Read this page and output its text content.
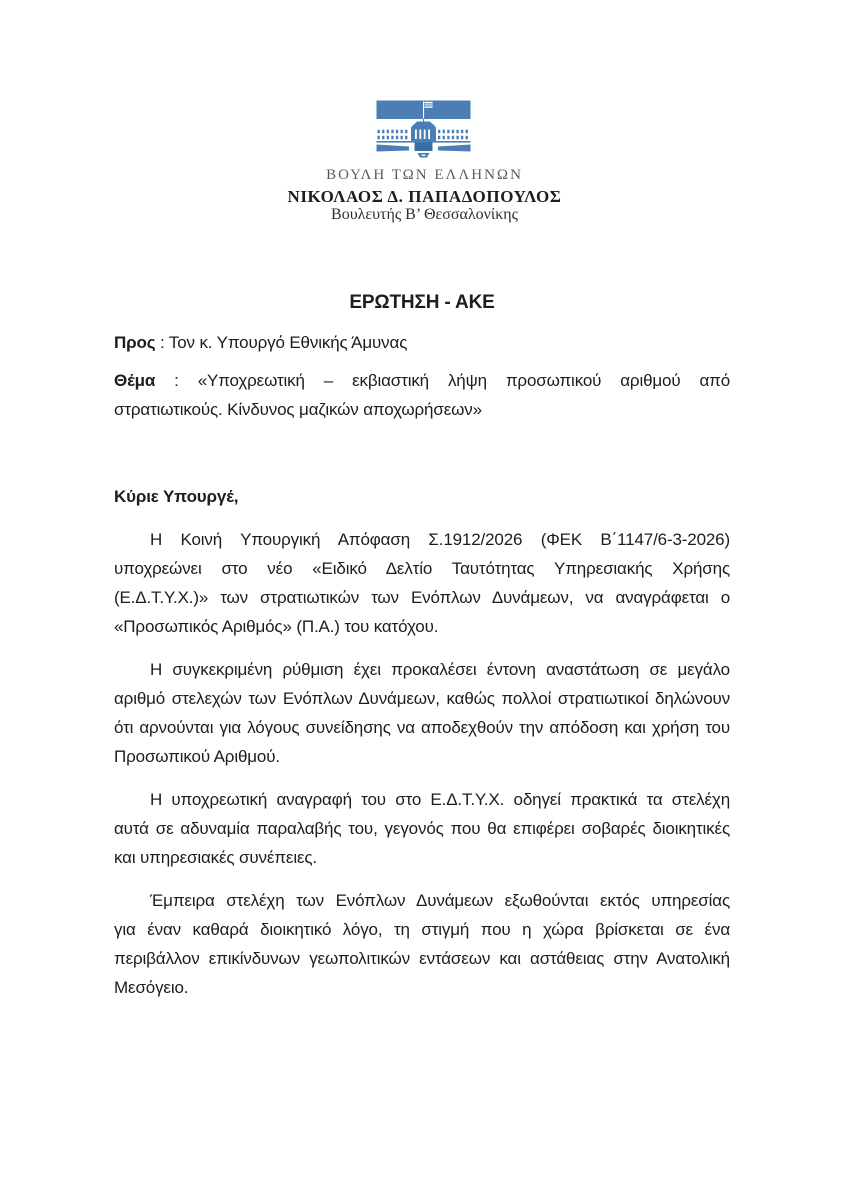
ΒΟΥΛΗ ΤΩΝ ΕΛΛΗΝΩΝ
ΝΙΚΟΛΑΟΣ Δ. ΠΑΠΑΔΟΠΟΥΛΟΣ
Βουλευτής Β’ Θεσσαλονίκης
ΕΡΩΤΗΣΗ - ΑΚΕ
Προς : Τον κ. Υπουργό Εθνικής Άμυνας
Θέμα : «Υποχρεωτική – εκβιαστική λήψη προσωπικού αριθμού από
στρατιωτικούς. Κίνδυνος μαζικών αποχωρήσεων»
Κύριε Υπουργέ,
Η Κοινή Υπουργική Απόφαση Σ.1912/2026 (ΦΕΚ Β΄1147/6-3-2026)
υποχρεώνει στο νέο «Ειδικό Δελτίο Ταυτότητας Υπηρεσιακής Χρήσης
(Ε.Δ.Τ.Υ.Χ.)» των στρατιωτικών των Ενόπλων Δυνάμεων, να αναγράφεται ο
«Προσωπικός Αριθμός» (Π.Α.) του κατόχου.
Η συγκεκριμένη ρύθμιση έχει προκαλέσει έντονη αναστάτωση σε μεγάλο
αριθμό στελεχών των Ενόπλων Δυνάμεων, καθώς πολλοί στρατιωτικοί δηλώνουν
ότι αρνούνται για λόγους συνείδησης να αποδεχθούν την απόδοση και χρήση του
Προσωπικού Αριθμού.
Η υποχρεωτική αναγραφή του στο Ε.Δ.Τ.Υ.Χ. οδηγεί πρακτικά τα στελέχη
αυτά σε αδυναμία παραλαβής του, γεγονός που θα επιφέρει σοβαρές διοικητικές
και υπηρεσιακές συνέπειες.
Έμπειρα στελέχη των Ενόπλων Δυνάμεων εξωθούνται εκτός υπηρεσίας
για έναν καθαρά διοικητικό λόγο, τη στιγμή που η χώρα βρίσκεται σε ένα
περιβάλλον επικίνδυνων γεωπολιτικών εντάσεων και αστάθειας στην Ανατολική
Μεσόγειο.
